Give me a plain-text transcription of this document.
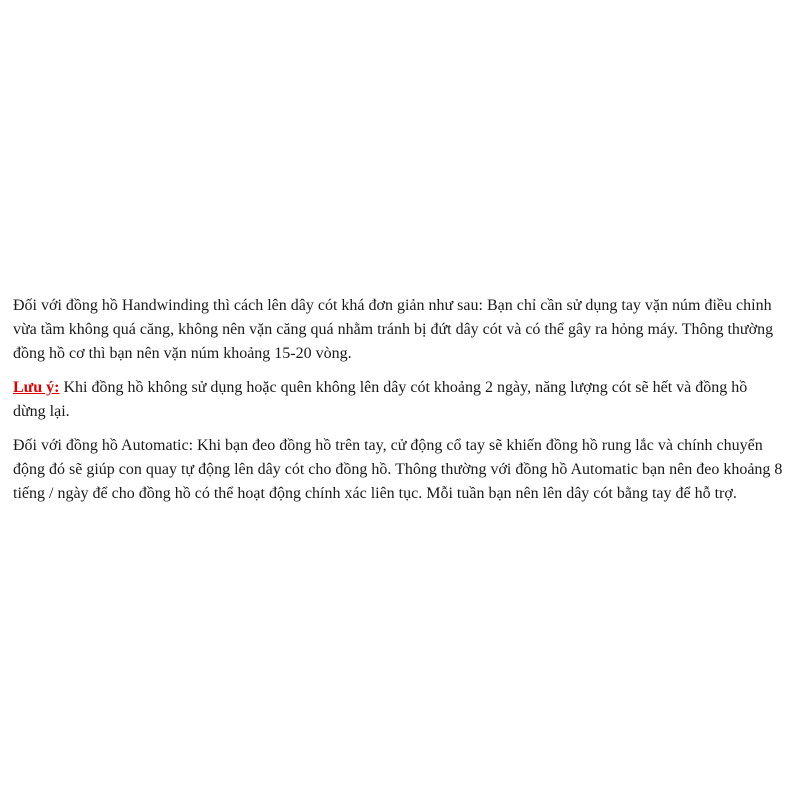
Đối với đồng hồ Handwinding thì cách lên dây cót khá đơn giản như sau: Bạn chỉ cần sử dụng tay vặn núm điều chỉnh vừa tầm không quá căng, không nên vặn căng quá nhằm tránh bị đứt dây cót và có thể gây ra hỏng máy. Thông thường đồng hồ cơ thì bạn nên vặn núm khoảng 15-20 vòng.

Lưu ý: Khi đồng hồ không sử dụng hoặc quên không lên dây cót khoảng 2 ngày, năng lượng cót sẽ hết và đồng hồ dừng lại.

Đối với đồng hồ Automatic: Khi bạn đeo đồng hồ trên tay, cử động cổ tay sẽ khiến đồng hồ rung lắc và chính chuyển động đó sẽ giúp con quay tự động lên dây cót cho đồng hồ. Thông thường với đồng hồ Automatic bạn nên đeo khoảng 8 tiếng / ngày để cho đồng hồ có thể hoạt động chính xác liên tục. Mỗi tuần bạn nên lên dây cót bằng tay để hỗ trợ.
